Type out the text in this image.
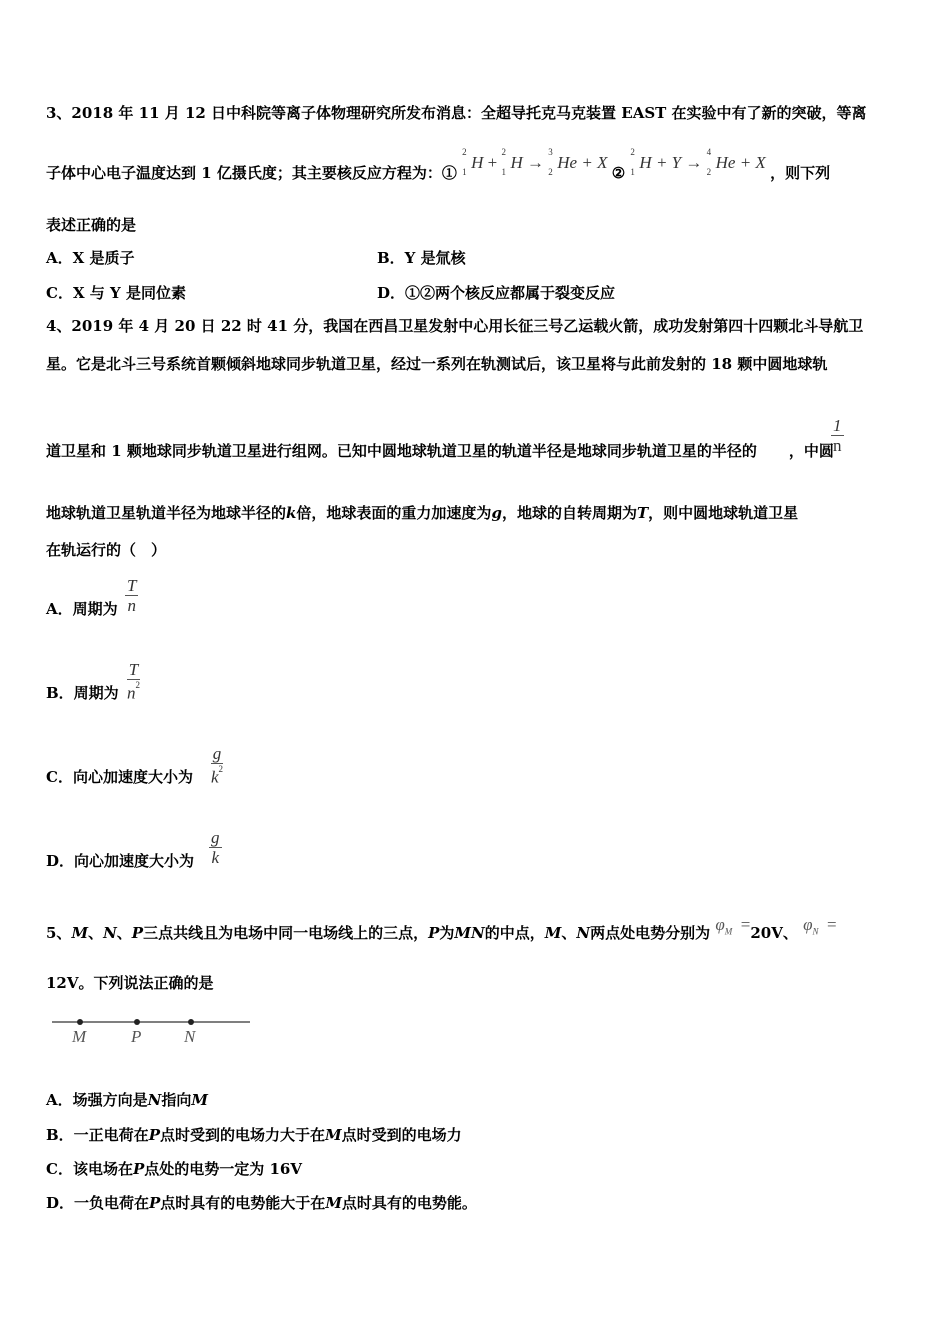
3、2018 年 11 月 12 日中科院等离子体物理研究所发布消息：全超导托克马克装置 EAST 在实验中有了新的突破，等离
子体中心电子温度达到 1 亿摄氏度；其主要核反应方程为：①
2
1 H +
2
1 H →
3
2 He + X ②
2
1 H + Y →
4
2 He + X ，则下列
表述正确的是
A．X 是质子	B．Y 是氚核
C．X 与 Y 是同位素	D．①②两个核反应都属于裂变反应
4、2019 年 4 月 20 日 22 时 41 分，我国在西昌卫星发射中心用长征三号乙运载火箭，成功发射第四十四颗北斗导航卫
星。它是北斗三号系统首颗倾斜地球同步轨道卫星，经过一系列在轨测试后，该卫星将与此前发射的 18 颗中圆地球轨
道卫星和 1 颗地球同步轨道卫星进行组网。已知中圆地球轨道卫星的轨道半径是地球同步轨道卫星的半径的 ，中圆
$\frac{1}{n}$
地球轨道卫星轨道半径为地球半径的k倍，地球表面的重力加速度为g，地球的自转周期为T，则中圆地球轨道卫星
在轨运行的（　）
A．周期为 $\frac{T}{n}$
B．周期为 $\frac{T}{n^2}$
C．向心加速度大小为 $\frac{g}{k^2}$
D．向心加速度大小为 $\frac{g}{k}$
5、M、N、P三点共线且为电场中同一电场线上的三点，P为MN的中点，M、N两点处电势分别为 $\varphi_M =20V$、 $\varphi_N$ =
12V。下列说法正确的是
M	P	N
A．场强方向是N指向M
B．一正电荷在P点时受到的电场力大于在M点时受到的电场力
C．该电场在P点处的电势一定为 16V
D．一负电荷在P点时具有的电势能大于在M点时具有的电势能。
